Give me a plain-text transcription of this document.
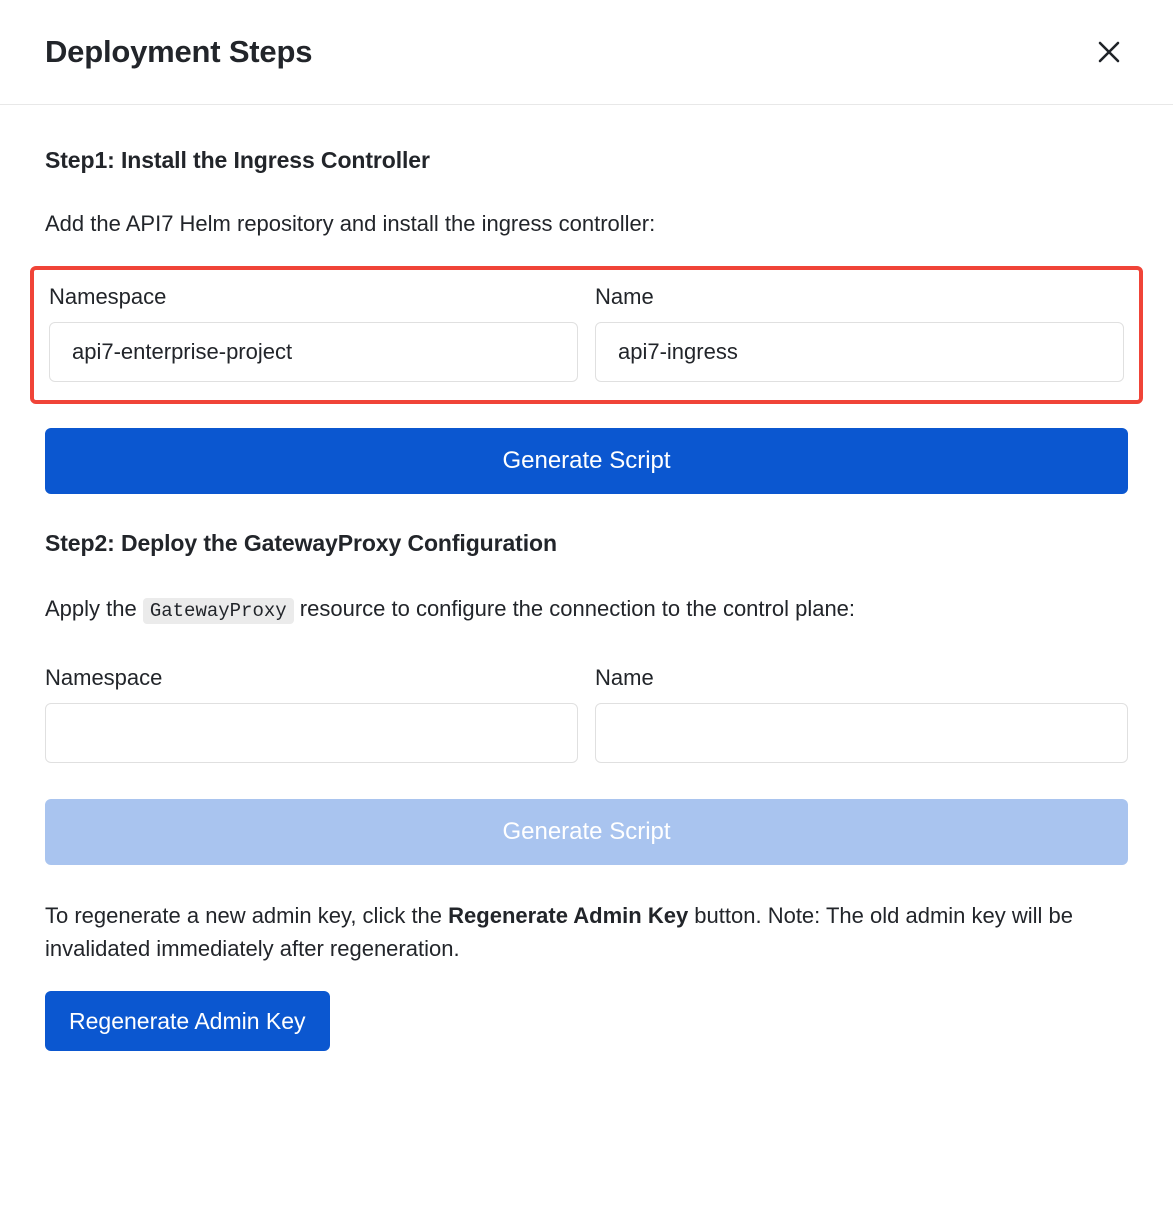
Deployment Steps
Step1: Install the Ingress Controller

Add the API7 Helm repository and install the ingress controller:

Namespace
api7-enterprise-project	Name
api7-ingress
Generate Script
Step2: Deploy the GatewayProxy Configuration

Apply the GatewayProxy resource to configure the connection to the control plane:

Namespace	Name
Generate Script

To regenerate a new admin key, click the Regenerate Admin Key button. Note: The old admin key will be invalidated immediately after regeneration.

Regenerate Admin Key
